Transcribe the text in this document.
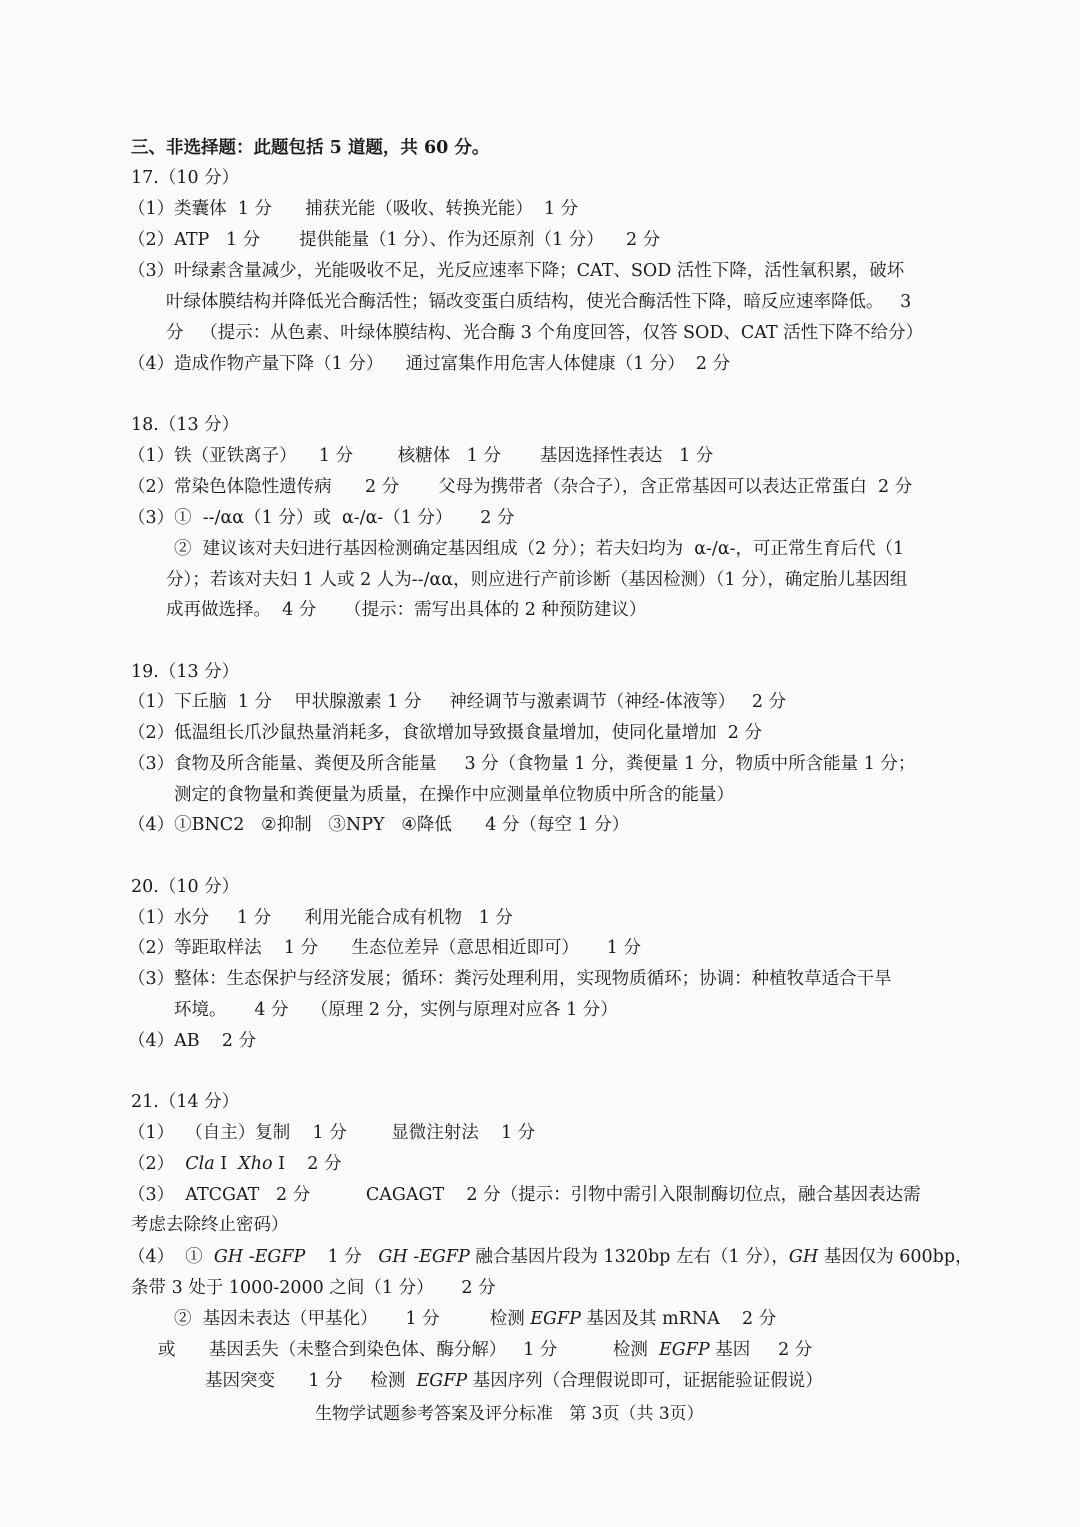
三、非选择题：此题包括 5 道题，共 60 分。
17.（10 分）
（1）类囊体  1 分      捕获光能（吸收、转换光能）  1 分
（2）ATP   1 分       提供能量（1 分）、作为还原剂（1 分）    2 分
（3）叶绿素含量减少，光能吸收不足，光反应速率下降；CAT、SOD 活性下降，活性氧积累，破坏
叶绿体膜结构并降低光合酶活性；镉改变蛋白质结构，使光合酶活性下降，暗反应速率降低。   3
分   （提示：从色素、叶绿体膜结构、光合酶 3 个角度回答，仅答 SOD、CAT 活性下降不给分）
（4）造成作物产量下降（1 分）    通过富集作用危害人体健康（1 分）  2 分
18.（13 分）
（1）铁（亚铁离子）    1 分        核糖体   1 分       基因选择性表达   1 分
（2）常染色体隐性遗传病      2 分       父母为携带者（杂合子），含正常基因可以表达正常蛋白  2 分
（3）①  --/αα（1 分）或  α-/α-（1 分）     2 分
②  建议该对夫妇进行基因检测确定基因组成（2 分）；若夫妇均为  α-/α-，可正常生育后代（1
分）；若该对夫妇 1 人或 2 人为--/αα，则应进行产前诊断（基因检测）（1 分），确定胎儿基因组
成再做选择。  4 分     （提示：需写出具体的 2 种预防建议）
19.（13 分）
（1）下丘脑  1 分    甲状腺激素 1 分     神经调节与激素调节（神经-体液等）   2 分
（2）低温组长爪沙鼠热量消耗多，食欲增加导致摄食量增加，使同化量增加  2 分
（3）食物及所含能量、粪便及所含能量     3 分（食物量 1 分，粪便量 1 分，物质中所含能量 1 分；
测定的食物量和粪便量为质量，在操作中应测量单位物质中所含的能量）
（4）①BNC2   ②抑制   ③NPY   ④降低      4 分（每空 1 分）
20.（10 分）
（1）水分     1 分      利用光能合成有机物   1 分
（2）等距取样法    1 分      生态位差异（意思相近即可）     1 分
（3）整体：生态保护与经济发展；循环：粪污处理利用，实现物质循环；协调：种植牧草适合干旱
环境。     4 分    （原理 2 分，实例与原理对应各 1 分）
（4）AB    2 分
21.（14 分）
（1）  （自主）复制    1 分        显微注射法    1 分
（2）  Cla I  Xho I    2 分
（3）  ATCGAT   2 分          CAGAGT    2 分（提示：引物中需引入限制酶切位点，融合基因表达需
考虑去除终止密码）
（4）  ①  GH -EGFP    1 分   GH -EGFP 融合基因片段为 1320bp 左右（1 分），GH 基因仅为 600bp，
条带 3 处于 1000-2000 之间（1 分）     2 分
②  基因未表达（甲基化）     1 分         检测 EGFP 基因及其 mRNA    2 分
或      基因丢失（未整合到染色体、酶分解）   1 分          检测  EGFP 基因     2 分
基因突变      1 分     检测  EGFP 基因序列（合理假说即可，证据能验证假说）
生物学试题参考答案及评分标准   第 3页（共 3页）
